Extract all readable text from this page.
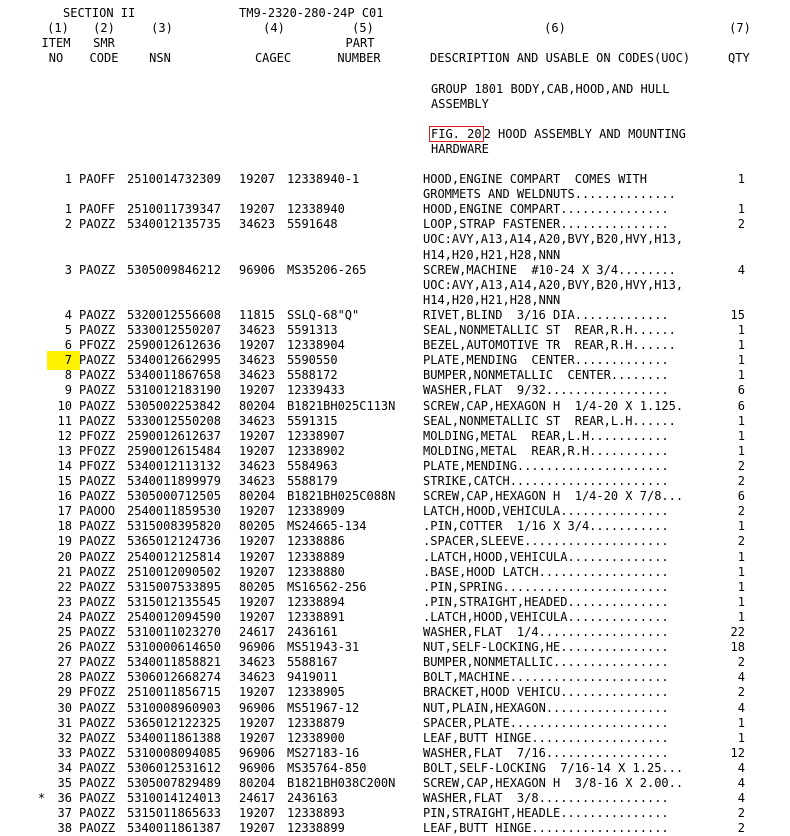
SECTION II	TM9-2320-280-24P C01
(1)	(2)	(3)	(4)	(5)	(6)	(7)
ITEM	SMR	PART
NO	CODE	NSN	CAGEC	NUMBER	DESCRIPTION AND USABLE ON CODES(UOC)	QTY
GROUP 1801 BODY,CAB,HOOD,AND HULL
ASSEMBLY
FIG. 20 2 HOOD ASSEMBLY AND MOUNTING
HARDWARE
1 PAOFF 2510014732309 19207 12338940-1	HOOD,ENGINE COMPART  COMES WITH	1
GROMMETS AND WELDNUTS..............
1 PAOFF 2510011739347 19207 12338940	HOOD,ENGINE COMPART...............	1
2 PAOZZ 5340012135735 34623 5591648	LOOP,STRAP FASTENER...............	2
UOC:AVY,A13,A14,A20,BVY,B20,HVY,H13,
H14,H20,H21,H28,NNN
3 PAOZZ 5305009846212 96906 MS35206-265	SCREW,MACHINE  #10-24 X 3/4........	4
UOC:AVY,A13,A14,A20,BVY,B20,HVY,H13,
H14,H20,H21,H28,NNN
4 PAOZZ 5320012556608 11815 SSLQ-68"Q"	RIVET,BLIND  3/16 DIA.............	15
5 PAOZZ 5330012550207 34623 5591313	SEAL,NONMETALLIC ST  REAR,R.H......	1
6 PFOZZ 2590012612636 19207 12338904	BEZEL,AUTOMOTIVE TR  REAR,R.H......	1
7 PAOZZ 5340012662995 34623 5590550	PLATE,MENDING  CENTER.............	1
8 PAOZZ 5340011867658 34623 5588172	BUMPER,NONMETALLIC  CENTER........	1
9 PAOZZ 5310012183190 19207 12339433	WASHER,FLAT  9/32.................	6
10 PAOZZ 5305002253842 80204 B1821BH025C113N SCREW,CAP,HEXAGON H  1/4-20 X 1.125.	6
11 PAOZZ 5330012550208 34623 5591315	SEAL,NONMETALLIC ST  REAR,L.H......	1
12 PFOZZ 2590012612637 19207 12338907	MOLDING,METAL  REAR,L.H...........	1
13 PFOZZ 2590012615484 19207 12338902	MOLDING,METAL  REAR,R.H...........	1
14 PFOZZ 5340012113132 34623 5584963	PLATE,MENDING.....................	2
15 PAOZZ 5340011899979 34623 5588179	STRIKE,CATCH......................	2
16 PAOZZ 5305000712505 80204 B1821BH025C088N SCREW,CAP,HEXAGON H  1/4-20 X 7/8...	6
17 PAOOO 2540011859530 19207 12338909	LATCH,HOOD,VEHICULA...............	2
18 PAOZZ 5315008395820 80205 MS24665-134	.PIN,COTTER  1/16 X 3/4...........	1
19 PAOZZ 5365012124736 19207 12338886	.SPACER,SLEEVE....................	2
20 PAOZZ 2540012125814 19207 12338889	.LATCH,HOOD,VEHICULA..............	1
21 PAOZZ 2510012090502 19207 12338880	.BASE,HOOD LATCH..................	1
22 PAOZZ 5315007533895 80205 MS16562-256	.PIN,SPRING.......................	1
23 PAOZZ 5315012135545 19207 12338894	.PIN,STRAIGHT,HEADED..............	1
24 PAOZZ 2540012094590 19207 12338891	.LATCH,HOOD,VEHICULA..............	1
25 PAOZZ 5310011023270 24617 2436161	WASHER,FLAT  1/4..................	22
26 PAOZZ 5310000614650 96906 MS51943-31	NUT,SELF-LOCKING,HE...............	18
27 PAOZZ 5340011858821 34623 5588167	BUMPER,NONMETALLIC................	2
28 PAOZZ 5306012668274 34623 9419011	BOLT,MACHINE......................	4
29 PFOZZ 2510011856715 19207 12338905	BRACKET,HOOD VEHICU...............	2
30 PAOZZ 5310008960903 96906 MS51967-12	NUT,PLAIN,HEXAGON.................	4
31 PAOZZ 5365012122325 19207 12338879	SPACER,PLATE......................	1
32 PAOZZ 5340011861388 19207 12338900	LEAF,BUTT HINGE...................	1
33 PAOZZ 5310008094085 96906 MS27183-16	WASHER,FLAT  7/16.................	12
34 PAOZZ 5306012531612 96906 MS35764-850	BOLT,SELF-LOCKING  7/16-14 X 1.25...	4
35 PAOZZ 5305007829489 80204 B1821BH038C200N SCREW,CAP,HEXAGON H  3/8-16 X 2.00..	4
*	36 PAOZZ 5310014124013 24617 2436163	WASHER,FLAT  3/8..................	4
37 PAOZZ 5315011865633 19207 12338893	PIN,STRAIGHT,HEADLE...............	2
38 PAOZZ 5340011861387 19207 12338899	LEAF,BUTT HINGE...................	2
